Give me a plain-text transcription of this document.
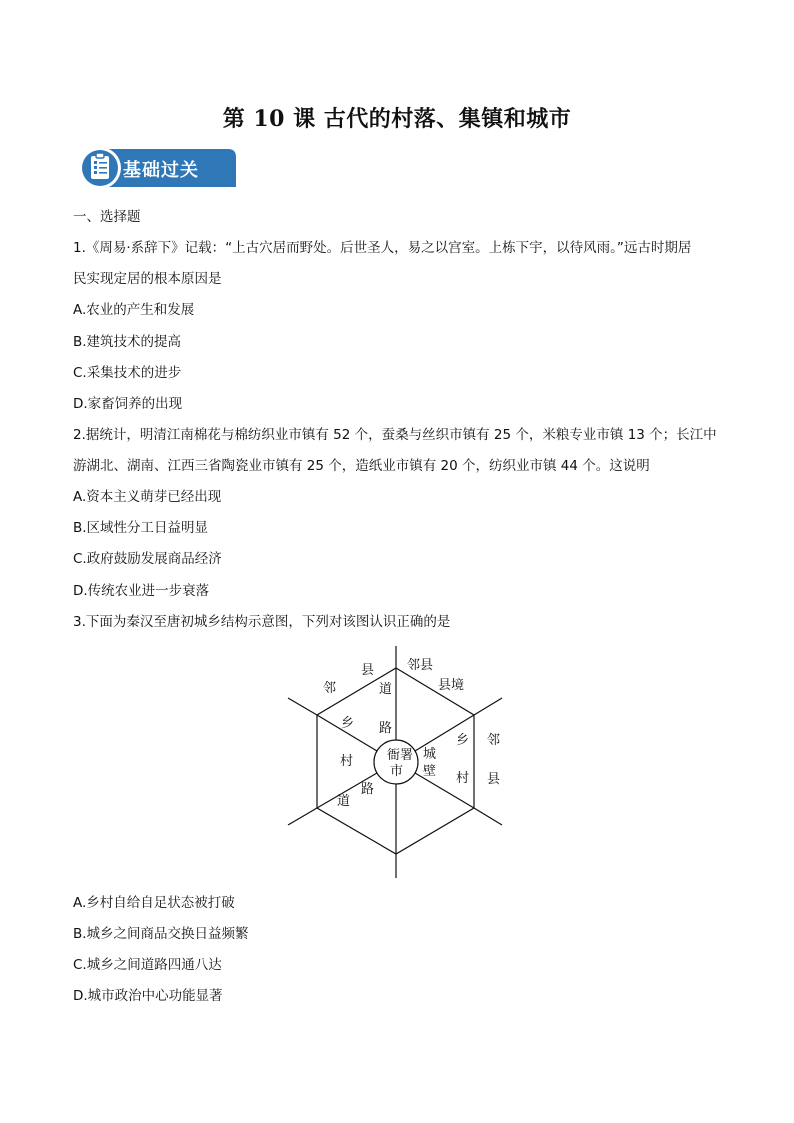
第 10 课 古代的村落、集镇和城市
基础过关
一、选择题
1.《周易·系辞下》记载：“上古穴居而野处。后世圣人，易之以宫室。上栋下宇，以待风雨。”远古时期居
民实现定居的根本原因是
A.农业的产生和发展
B.建筑技术的提高
C.采集技术的进步
D.家畜饲养的出现
2.据统计，明清江南棉花与棉纺织业市镇有 52 个，蚕桑与丝织市镇有 25 个，米粮专业市镇 13 个；长江中
游湖北、湖南、江西三省陶瓷业市镇有 25 个，造纸业市镇有 20 个，纺织业市镇 44 个。这说明
A.资本主义萌芽已经出现
B.区域性分工日益明显
C.政府鼓励发展商品经济
D.传统农业进一步衰落
3.下面为秦汉至唐初城乡结构示意图，下列对该图认识正确的是
衙署
市
县
邻	道
邻县
县境
乡 路
乡 邻
城
壁
村
村 县
路
道
A.乡村自给自足状态被打破
B.城乡之间商品交换日益频繁
C.城乡之间道路四通八达
D.城市政治中心功能显著
